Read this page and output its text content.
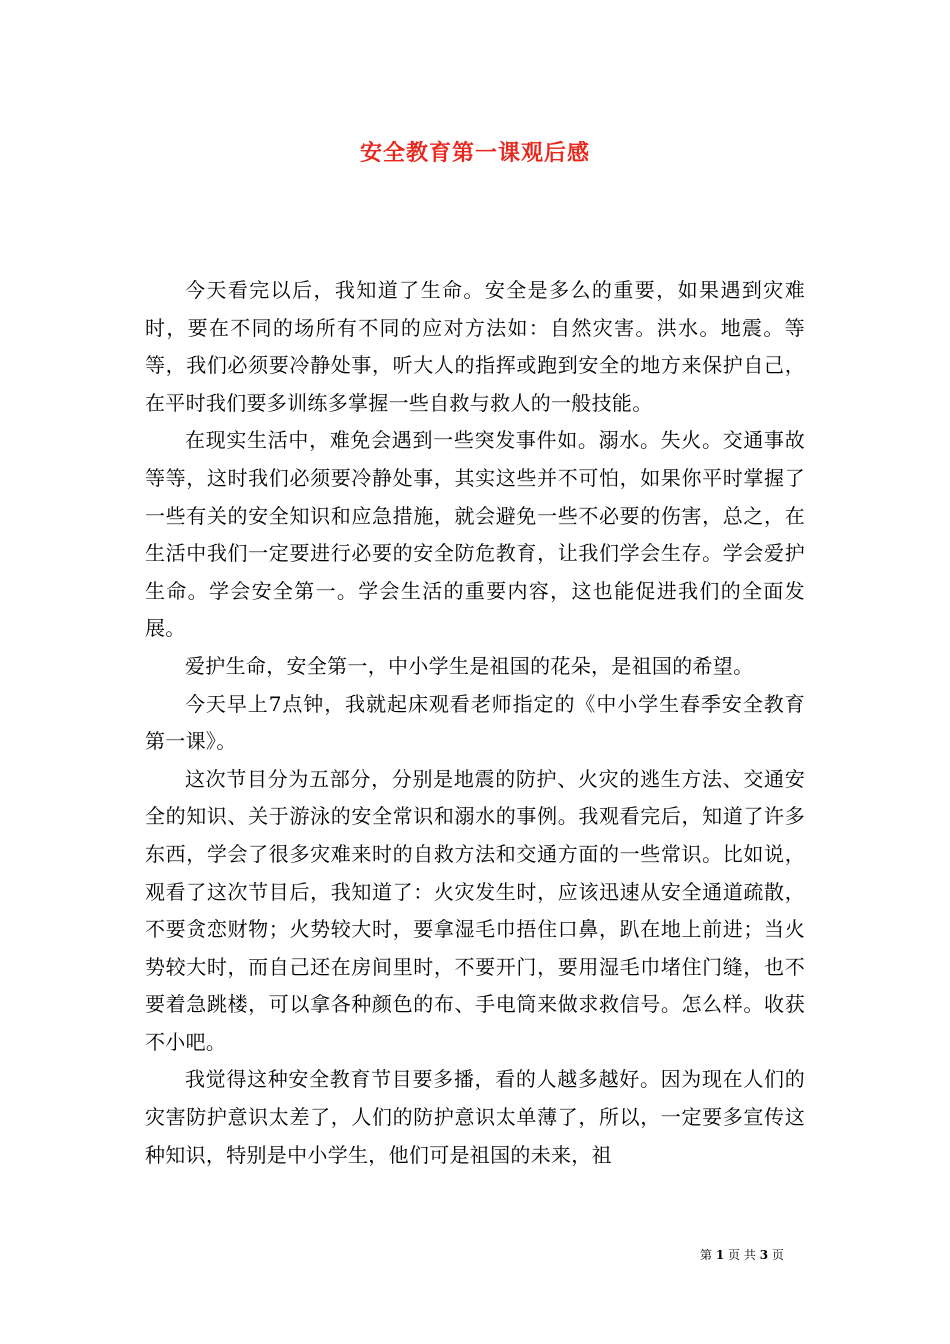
安全教育第一课观后感

今天看完以后，我知道了生命。安全是多么的重要，如果遇到灾难时，要在不同的场所有不同的应对方法如：自然灾害。洪水。地震。等等，我们必须要冷静处事，听大人的指挥或跑到安全的地方来保护自己，在平时我们要多训练多掌握一些自救与救人的一般技能。

在现实生活中，难免会遇到一些突发事件如。溺水。失火。交通事故等等，这时我们必须要冷静处事，其实这些并不可怕，如果你平时掌握了一些有关的安全知识和应急措施，就会避免一些不必要的伤害，总之，在生活中我们一定要进行必要的安全防危教育，让我们学会生存。学会爱护生命。学会安全第一。学会生活的重要内容，这也能促进我们的全面发展。

爱护生命，安全第一，中小学生是祖国的花朵，是祖国的希望。

今天早上7点钟，我就起床观看老师指定的《中小学生春季安全教育第一课》。

这次节目分为五部分，分别是地震的防护、火灾的逃生方法、交通安全的知识、关于游泳的安全常识和溺水的事例。我观看完后，知道了许多东西，学会了很多灾难来时的自救方法和交通方面的一些常识。比如说，观看了这次节目后，我知道了：火灾发生时，应该迅速从安全通道疏散，不要贪恋财物；火势较大时，要拿湿毛巾捂住口鼻，趴在地上前进；当火势较大时，而自己还在房间里时，不要开门，要用湿毛巾堵住门缝，也不要着急跳楼，可以拿各种颜色的布、手电筒来做求救信号。怎么样。收获不小吧。

我觉得这种安全教育节目要多播，看的人越多越好。因为现在人们的灾害防护意识太差了，人们的防护意识太单薄了，所以，一定要多宣传这种知识，特别是中小学生，他们可是祖国的未来，祖

第 1 页 共 3 页
